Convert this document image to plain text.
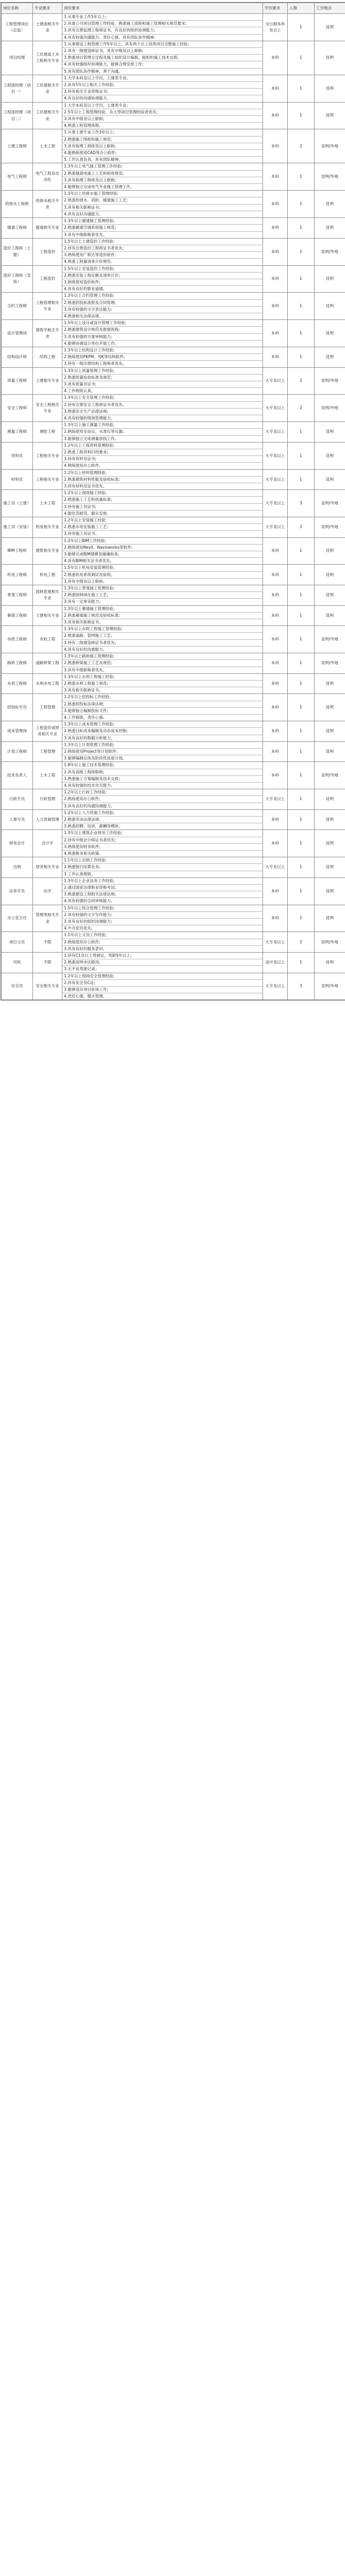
岗位名称	专业要求	岗位要求	学历要求	人数	工作地点
工程管理岗位（总监）	土建或相关专业	1.从事专业工作5年以上;
2.具备公司项目管理工作经验，熟悉施工流程和施工管理相关规范要求;
3.具有注册监理工程师证书，有良好的组织协调能力;
4.具有较强沟通能力、责任心强、具有团队协作精神。	全日制本科及以上	1	昆明
项目经理	工民建或土木工程相关专业	1.从事建设工程管理工作5年以上，具有两个以上同类项目完整施工经验;
2.具有一级建造师证书，具有中级及以上职称;
3.熟悉项目管理全过程及施工组织设计编制，能组织施工技术交底;
4.具有较强组织协调能力，能够合理安排工作;
5.具有团队协作精神，善于沟通。	本科	1	昆明
工程部经理（项目一）	工民建相关专业	1.大学本科及以上学历，土建类专业;
2.具有5年以上相关工作经验;
3.持有相关专业资格证书;
4.有良好的沟通协调能力。	本科	1	昆明
工程部经理（项目二）	工民建相关专业	1.大学本科及以上学历，土建类专业;
2.5年以上工程管理经验，有大型项目管理经验者优先;
3.具有中级及以上职称;
4.熟悉工程管理流程。	本科	1	昆明
土建工程师	土木工程	1.从事土建专业工作3年以上;
2.熟悉施工图纸和施工规范;
3.具有助理工程师及以上职称;
4.能熟练使用CAD等办公软件;
5.工作认真负责，具有团队精神。	本科	2	昆明/外地
电气工程师	电气工程及自动化	1.3年以上电气施工管理工作经验;
2.熟悉强弱电施工工艺和验收规范;
3.具有助理工程师及以上职称;
4.能够独立完成电气专业施工管理工作。	本科	1	昆明/外地
给排水工程师	给排水相关专业	1.3年以上给排水施工管理经验;
2.熟悉给排水、消防、暖通施工工艺;
3.具有相关职称证书;
4.具有良好沟通能力。	本科	1	昆明
暖通工程师	暖通相关专业	1.3年以上暖通施工管理经验;
2.熟悉暖通空调系统施工规范;
3.具有中级职称者优先。	本科	1	昆明
造价工程师（土建）	工程造价	1.5年以上土建造价工作经验;
2.持有注册造价工程师证书者优先;
3.熟练使用广联达等造价软件;
4.熟悉工程量清单计价规范。	本科	1	昆明/外地
造价工程师（安装）	工程造价	1.5年以上安装造价工作经验;
2.熟悉安装工程定额及清单计价;
3.熟练使用造价软件;
4.具有良好的职业道德。	本科	1	昆明
合约工程师	工程管理相关专业	1.3年以上合约管理工作经验;
2.熟悉招投标流程及合同管理;
3.具有较强的文字表达能力;
4.熟悉相关法律法规。	本科	1	昆明
设计管理岗	建筑学相关专业	1.5年以上设计或设计管理工作经验;
2.熟悉建筑设计规范及报建流程;
3.具有较强的方案审核能力;
4.能够协调设计单位开展工作。	本科	1	昆明
结构设计师	结构工程	1.3年以上结构设计工作经验;
2.熟练使用PKPM、YJK等结构软件;
3.持有一级注册结构工程师者优先。	本科	1	昆明
质量工程师	土建相关专业	1.3年以上质量管理工作经验;
2.熟悉质量验收标准及规范;
3.具有质量员证书;
4.工作细致认真。	大专及以上	2	昆明/外地
安全工程师	安全工程相关专业	1.3年以上安全管理工作经验;
2.持有注册安全工程师证书者优先;
3.熟悉安全生产法律法规;
4.具有较强的现场管理能力。	大专及以上	2	昆明/外地
测量工程师	测绘工程	1.3年以上施工测量工作经验;
2.熟练使用全站仪、水准仪等仪器;
3.能够独立完成测量放线工作。	大专及以上	1	昆明
资料员	工程相关专业	1.2年以上工程资料管理经验;
2.熟悉工程资料归档要求;
3.持有资料员证书;
4.熟练使用办公软件。	大专及以上	1	昆明
材料员	工程相关专业	1.2年以上材料管理经验;
2.熟悉建筑材料性能及验收标准;
3.持有材料员证书优先。	大专及以上	1	昆明
施工员（土建）	土木工程	1.2年以上现场施工经验;
2.熟悉施工工艺和质量标准;
3.持有施工员证书;
4.能吃苦耐劳，服从安排。	大专及以上	3	昆明/外地
施工员（安装）	机电相关专业	1.2年以上安装施工经验;
2.熟悉水电安装施工工艺;
3.持有施工员证书。	大专及以上	2	昆明/外地
BIM工程师	建筑相关专业	1.2年以上BIM工作经验;
2.熟练使用Revit、Navisworks等软件;
3.能够完成BIM建模及碰撞检查;
4.具有BIM相关证书者优先。	本科	1	昆明
机电工程师	机电工程	1.5年以上机电安装管理经验;
2.熟悉机电系统调试及验收;
3.具有中级及以上职称。	本科	1	昆明
景观工程师	园林景观相关专业	1.3年以上景观施工管理经验;
2.熟悉园林绿化施工工艺;
3.具有一定审美能力。	本科	1	昆明
幕墙工程师	土建相关专业	1.3年以上幕墙施工管理经验;
2.熟悉幕墙施工规范及验收标准;
3.具有相关职称证书。	本科	1	昆明
市政工程师	市政工程	1.3年以上市政工程施工管理经验;
2.熟悉道路、管网施工工艺;
3.持有二级建造师证书者优先;
4.具有良好的沟通能力。	本科	1	昆明/外地
路桥工程师	道路桥梁工程	1.3年以上路桥施工管理经验;
2.熟悉桥梁施工工艺及规范;
3.具有中级职称者优先。	本科	1	昆明/外地
水利工程师	水利水电工程	1.3年以上水利工程施工经验;
2.熟悉水利工程施工规范;
3.具有相关职称证书。	本科	1	昆明
招投标专员	工程管理	1.2年以上招投标工作经验;
2.熟悉招投标法律法规;
3.能够独立编制投标文件;
4.工作细致，责任心强。	本科	1	昆明
成本管理岗	工程造价或财务相关专业	1.3年以上成本管理工作经验;
2.熟悉目标成本编制及动态成本控制;
3.具有良好的数据分析能力。	本科	1	昆明
计划工程师	工程管理	1.3年以上计划管理工作经验;
2.熟练使用Project等计划软件;
3.能够编制总体及阶段性进度计划。	本科	1	昆明
技术负责人	土木工程	1.8年以上施工技术管理经验;
2.具有高级工程师职称;
3.熟悉施工方案编制及技术交底;
4.具有较强的技术攻关能力。	本科	1	昆明/外地
行政专员	行政管理	1.2年以上行政工作经验;
2.熟练使用办公软件;
3.具有良好的沟通协调能力。	大专及以上	1	昆明
人事专员	人力资源管理	1.2年以上人力资源工作经验;
2.熟悉劳动法律法规;
3.熟悉招聘、培训、薪酬等模块。	本科	1	昆明
财务会计	会计学	1.3年以上建筑企业财务工作经验;
2.持有中级会计师证书者优先;
3.熟练使用财务软件;
4.熟悉税务相关政策。	本科	1	昆明
出纳	财务相关专业	1.1年以上出纳工作经验;
2.熟悉银行结算业务;
3.工作认真细致。	大专及以上	1	昆明
法务专员	法学	1.3年以上企业法务工作经验;
2.通过国家法律职业资格考试;
3.熟悉建设工程相关法律法规;
4.具有较强的合同审核能力。	本科	1	昆明
办公室主任	管理类相关专业	1.5年以上综合管理工作经验;
2.具有较强的文字写作能力;
3.具有良好的组织协调能力;
4.中共党员优先。	本科	1	昆明
项目文员	不限	1.1年以上文员工作经验;
2.熟练使用办公软件;
3.具有良好的服务意识。	大专及以上	2	昆明/外地
司机	不限	1.持有C1及以上驾驶证，驾龄5年以上;
2.熟悉昆明市区路况;
3.无不良驾驶记录。	高中及以上	1	昆明
安全员	安全相关专业	1.2年以上现场安全管理经验;
2.持有安全员C证;
3.能够适应项目驻场工作;
4.责任心强，服从管理。	大专及以上	3	昆明/外地
